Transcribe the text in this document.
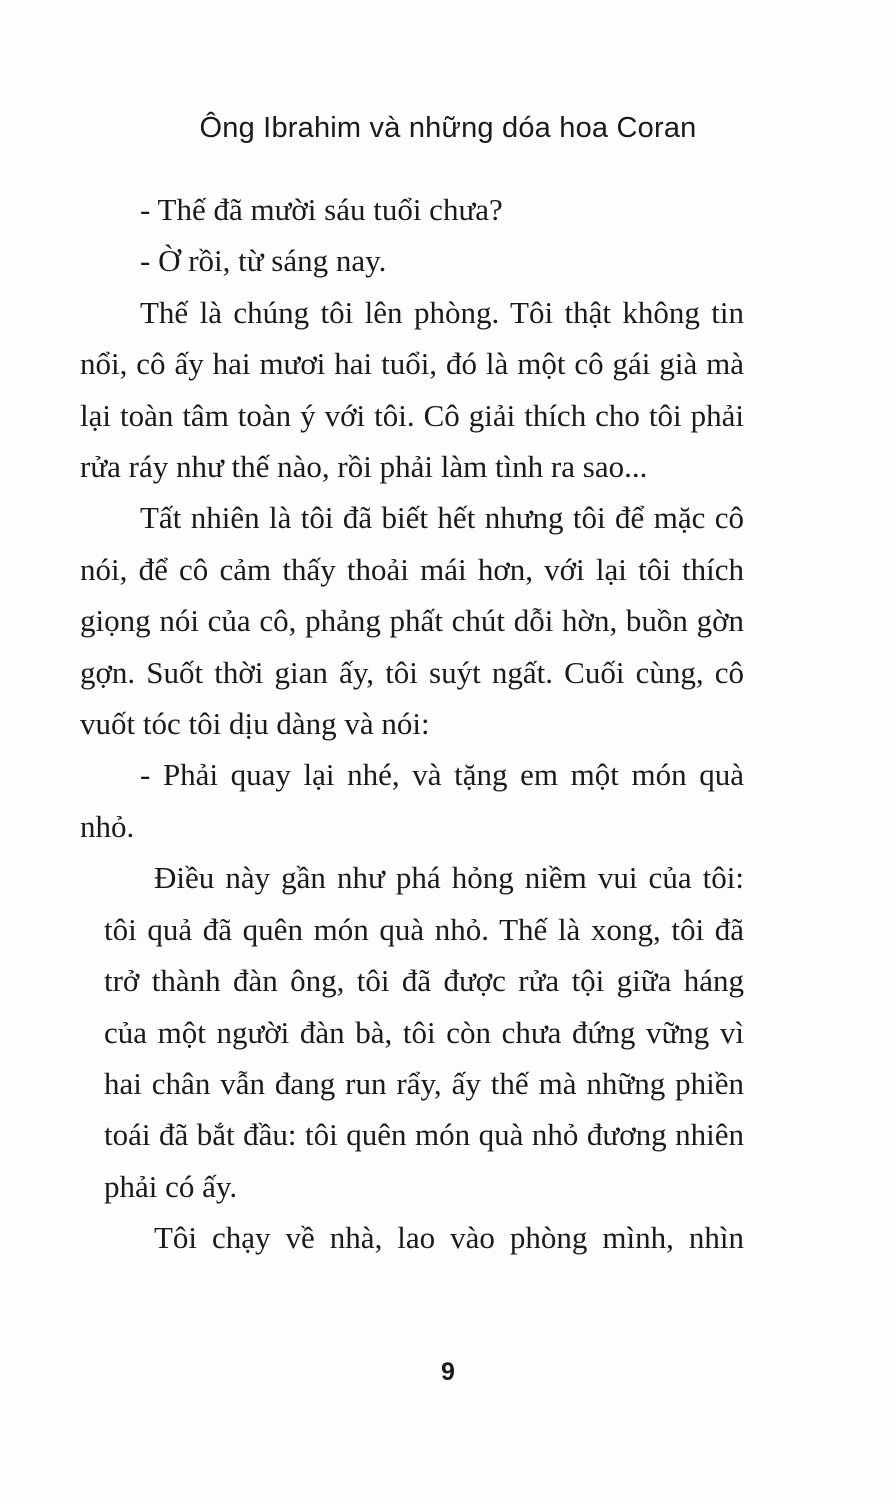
Ông Ibrahim và những dóa hoa Coran

- Thế đã mười sáu tuổi chưa?

- Ờ rồi, từ sáng nay.

Thế là chúng tôi lên phòng. Tôi thật không tin nổi, cô ấy hai mươi hai tuổi, đó là một cô gái già mà lại toàn tâm toàn ý với tôi. Cô giải thích cho tôi phải rửa ráy như thế nào, rồi phải làm tình ra sao...

Tất nhiên là tôi đã biết hết nhưng tôi để mặc cô nói, để cô cảm thấy thoải mái hơn, với lại tôi thích giọng nói của cô, phảng phất chút dỗi hờn, buồn gờn gợn. Suốt thời gian ấy, tôi suýt ngất. Cuối cùng, cô vuốt tóc tôi dịu dàng và nói:

- Phải quay lại nhé, và tặng em một món quà nhỏ.

Điều này gần như phá hỏng niềm vui của tôi: tôi quả đã quên món quà nhỏ. Thế là xong, tôi đã trở thành đàn ông, tôi đã được rửa tội giữa háng của một người đàn bà, tôi còn chưa đứng vững vì hai chân vẫn đang run rẩy, ấy thế mà những phiền toái đã bắt đầu: tôi quên món quà nhỏ đương nhiên phải có ấy.

Tôi chạy về nhà, lao vào phòng mình, nhìn

9
